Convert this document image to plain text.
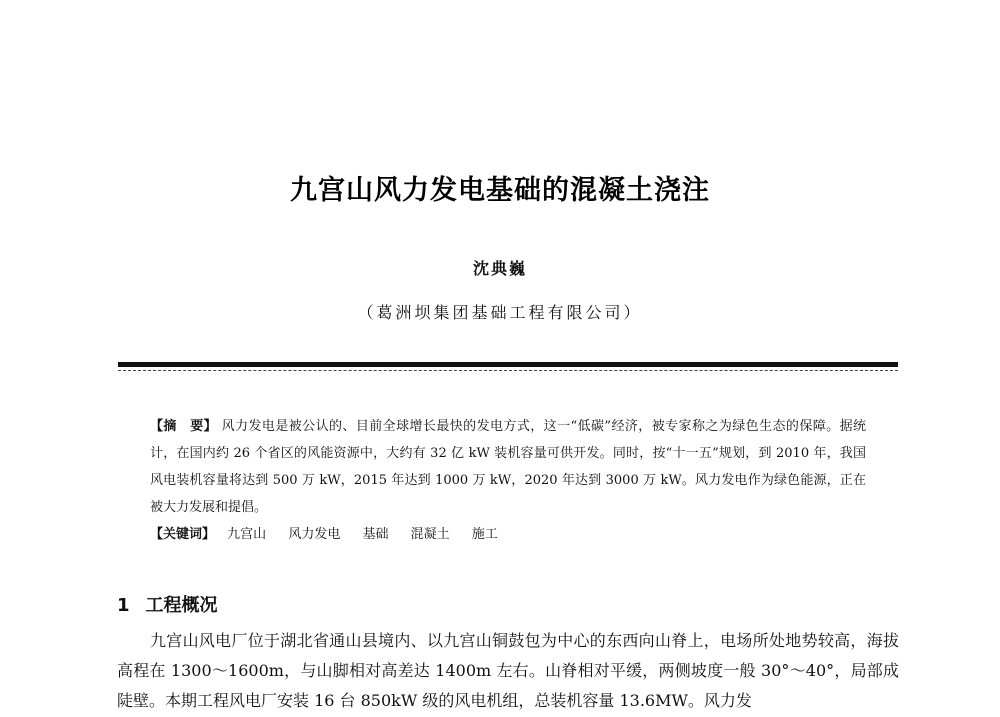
九宫山风力发电基础的混凝土浇注
沈典巍
（葛洲坝集团基础工程有限公司）
【摘　要】 风力发电是被公认的、目前全球增长最快的发电方式，这一“低碳”经济，被专家称之为绿色生态的保障。据统计，在国内约 26 个省区的风能资源中，大约有 32 亿 kW 装机容量可供开发。同时，按“十一五”规划，到 2010 年，我国风电装机容量将达到 500 万 kW，2015 年达到 1000 万 kW，2020 年达到 3000 万 kW。风力发电作为绿色能源，正在被大力发展和提倡。
【关键词】 九宫山 风力发电 基础 混凝土 施工
1 工程概况
九宫山风电厂位于湖北省通山县境内、以九宫山铜鼓包为中心的东西向山脊上，电场所处地势较高，海拔高程在 1300～1600m，与山脚相对高差达 1400m 左右。山脊相对平缓，两侧坡度一般 30°～40°，局部成陡壁。本期工程风电厂安装 16 台 850kW 级的风电机组，总装机容量 13.6MW。风力发
